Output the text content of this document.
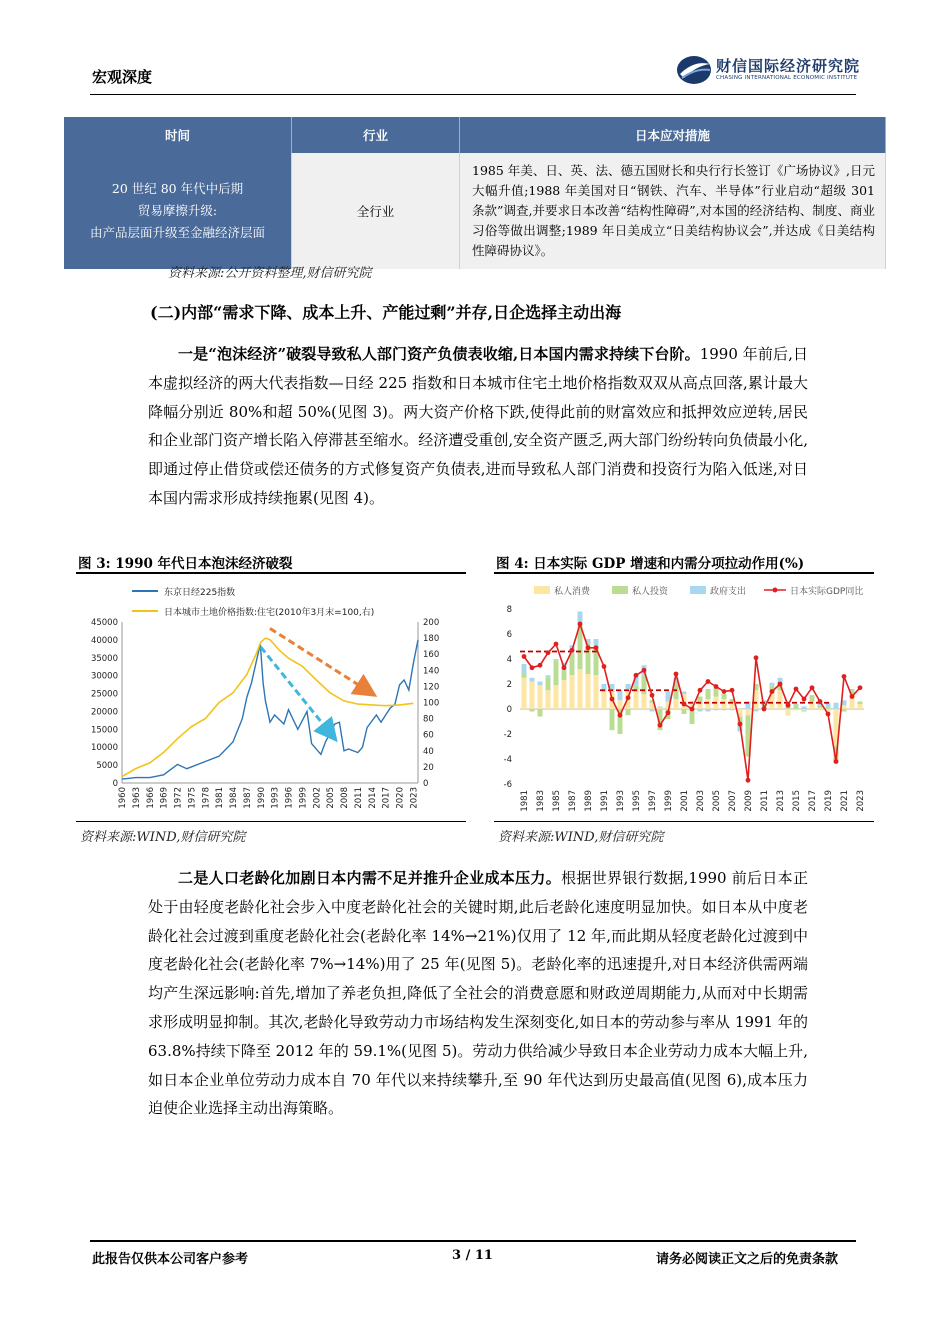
宏观深度
财信国际经济研究院
CHASING INTERNATIONAL ECONOMIC INSTITUTE
时间	行业	日本应对措施

20 世纪 80 年代中后期
贸易摩擦升级:
由产品层面升级至金融经济层面	全行业	1985 年美、日、英、法、德五国财长和央行行长签订《广场协议》,日元大幅升值;1988 年美国对日“钢铁、汽车、半导体”行业启动“超级 301 条款”调查,并要求日本改善“结构性障碍”,对本国的经济结构、制度、商业习俗等做出调整;1989 年日美成立“日美结构协议会”,并达成《日美结构性障碍协议》。
资料来源:公开资料整理,财信研究院
(二)内部“需求下降、成本上升、产能过剩”并存,日企选择主动出海
一是“泡沫经济”破裂导致私人部门资产负债表收缩,日本国内需求持续下台阶。1990 年前后,日本虚拟经济的两大代表指数—日经 225 指数和日本城市住宅土地价格指数双双从高点回落,累计最大降幅分别近 80%和超 50%(见图 3)。两大资产价格下跌,使得此前的财富效应和抵押效应逆转,居民和企业部门资产增长陷入停滞甚至缩水。经济遭受重创,安全资产匮乏,两大部门纷纷转向负债最小化,即通过停止借贷或偿还债务的方式修复资产负债表,进而导致私人部门消费和投资行为陷入低迷,对日本国内需求形成持续拖累(见图 4)。
图 3: 1990 年代日本泡沫经济破裂
东京日经225指数
日本城市土地价格指数:住宅(2010年3月末=100,右)
45000
40000
35000
30000
25000
20000
15000
10000
5000
0
200
180
160
140
120
100
80
60
40
20
0
1960 1963 1966 1969 1972 1975 1978 1981 1984 1987 1990 1993 1996 1999 2002 2005 2008 2011 2014 2017 2020 2023
资料来源:WIND,财信研究院
图 4: 日本实际 GDP 增速和内需分项拉动作用(%)
私人消费	私人投资	政府支出	日本实际GDP同比
8
6
4
2
0
-2
-4
-6
1981 1983 1985 1987 1989 1991 1993 1995 1997 1999 2001 2003 2005 2007 2009 2011 2013 2015 2017 2019 2021 2023
资料来源:WIND,财信研究院
二是人口老龄化加剧日本内需不足并推升企业成本压力。根据世界银行数据,1990 前后日本正处于由轻度老龄化社会步入中度老龄化社会的关键时期,此后老龄化速度明显加快。如日本从中度老龄化社会过渡到重度老龄化社会(老龄化率 14%→21%)仅用了 12 年,而此期从轻度老龄化过渡到中度老龄化社会(老龄化率 7%→14%)用了 25 年(见图 5)。老龄化率的迅速提升,对日本经济供需两端均产生深远影响:首先,增加了养老负担,降低了全社会的消费意愿和财政逆周期能力,从而对中长期需求形成明显抑制。其次,老龄化导致劳动力市场结构发生深刻变化,如日本的劳动参与率从 1991 年的 63.8%持续下降至 2012 年的 59.1%(见图 5)。劳动力供给减少导致日本企业劳动力成本大幅上升,如日本企业单位劳动力成本自 70 年代以来持续攀升,至 90 年代达到历史最高值(见图 6),成本压力迫使企业选择主动出海策略。
此报告仅供本公司客户参考	3 / 11	请务必阅读正文之后的免责条款
